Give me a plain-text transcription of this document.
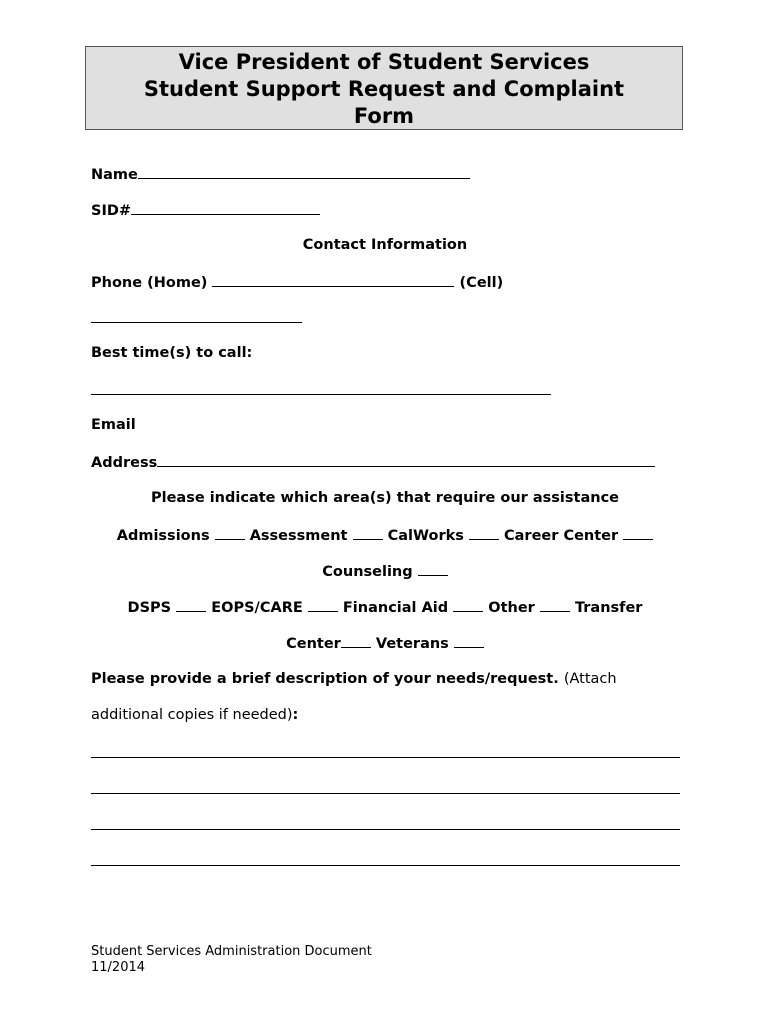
Vice President of Student Services
Student Support Request and Complaint
Form
Name
SID#
Contact Information
Phone (Home)	(Cell)
Best time(s) to call:
Email
Address
Please indicate which area(s) that require our assistance
Admissions	Assessment	CalWorks	Career Center
Counseling
DSPS	EOPS/CARE	Financial Aid	Other	Transfer
Center Veterans
Please provide a brief description of your needs/request. (Attach
additional copies if needed):
Student Services Administration Document
11/2014
